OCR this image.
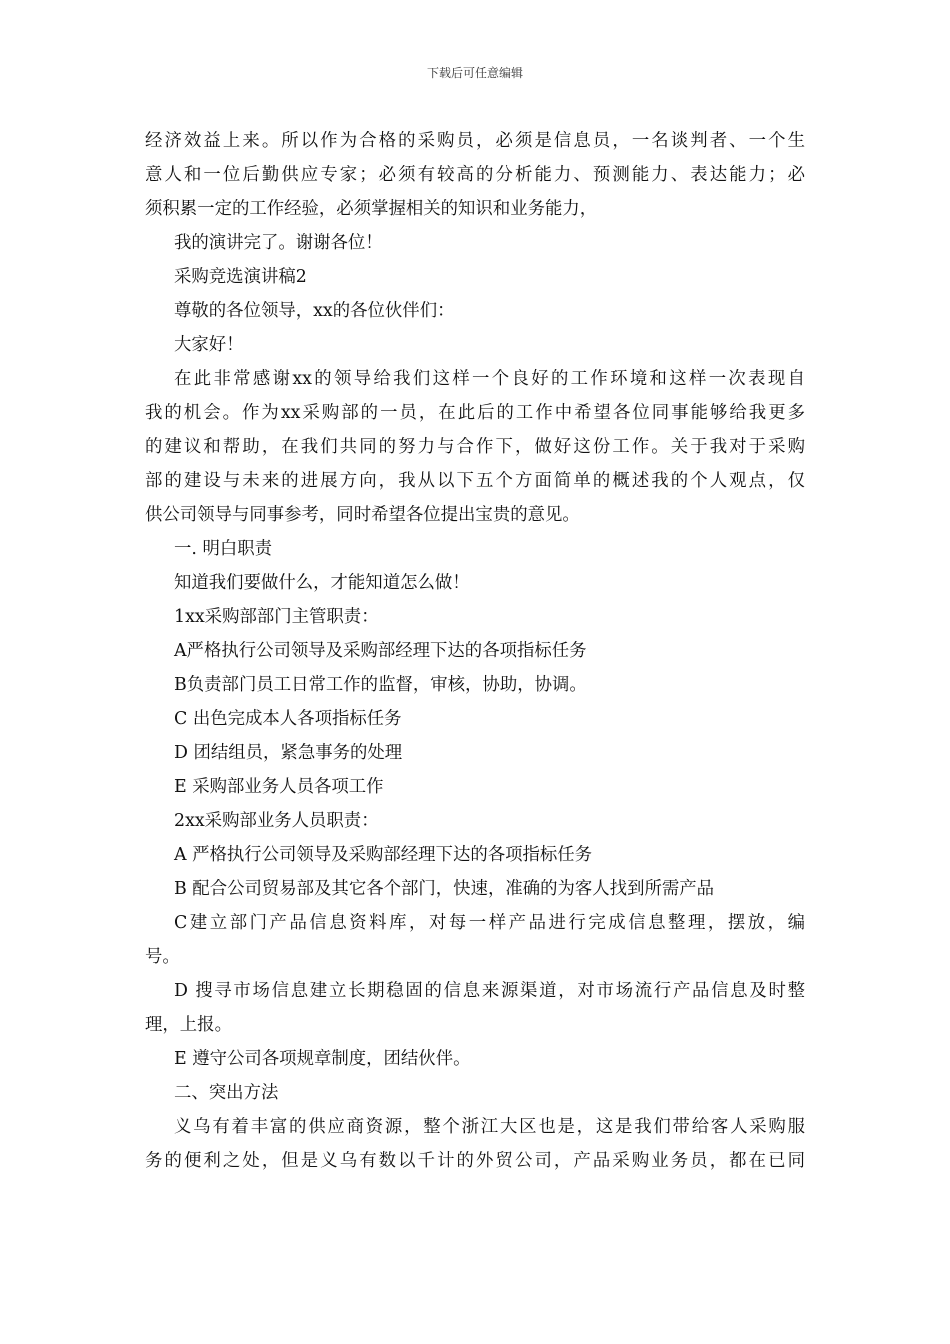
下载后可任意编辑
经济效益上来。所以作为合格的采购员，必须是信息员，一名谈判者、一个生
意人和一位后勤供应专家；必须有较高的分析能力、预测能力、表达能力；必
须积累一定的工作经验，必须掌握相关的知识和业务能力，
我的演讲完了。谢谢各位！
采购竞选演讲稿2
尊敬的各位领导，xx的各位伙伴们：
大家好！
在此非常感谢xx的领导给我们这样一个良好的工作环境和这样一次表现自
我的机会。作为xx采购部的一员，在此后的工作中希望各位同事能够给我更多
的建议和帮助，在我们共同的努力与合作下，做好这份工作。关于我对于采购
部的建设与未来的进展方向，我从以下五个方面简单的概述我的个人观点，仅
供公司领导与同事参考，同时希望各位提出宝贵的意见。
一. 明白职责
知道我们要做什么，才能知道怎么做！
1xx采购部部门主管职责：
A严格执行公司领导及采购部经理下达的各项指标任务
B负责部门员工日常工作的监督，审核，协助，协调。
C 出色完成本人各项指标任务
D 团结组员，紧急事务的处理
E 采购部业务人员各项工作
2xx采购部业务人员职责：
A 严格执行公司领导及采购部经理下达的各项指标任务
B 配合公司贸易部及其它各个部门，快速，准确的为客人找到所需产品
C建立部门产品信息资料库，对每一样产品进行完成信息整理，摆放，编
号。
D 搜寻市场信息建立长期稳固的信息来源渠道，对市场流行产品信息及时整
理，上报。
E 遵守公司各项规章制度，团结伙伴。
二、突出方法
义乌有着丰富的供应商资源，整个浙江大区也是，这是我们带给客人采购服
务的便利之处，但是义乌有数以千计的外贸公司，产品采购业务员，都在已同
